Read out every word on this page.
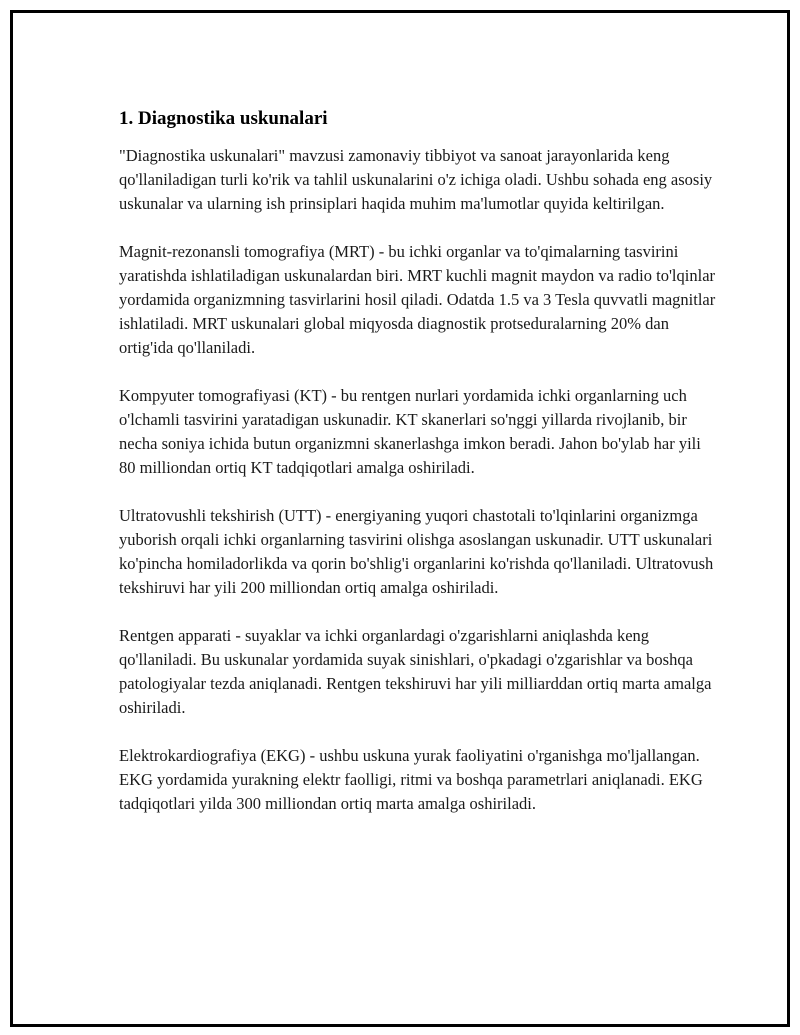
1. Diagnostika uskunalari

"Diagnostika uskunalari" mavzusi zamonaviy tibbiyot va sanoat jarayonlarida keng qo'llaniladigan turli ko'rik va tahlil uskunalarini o'z ichiga oladi. Ushbu sohada eng asosiy uskunalar va ularning ish prinsiplari haqida muhim ma'lumotlar quyida keltirilgan.

Magnit-rezonansli tomografiya (MRT) - bu ichki organlar va to'qimalarning tasvirini yaratishda ishlatiladigan uskunalardan biri. MRT kuchli magnit maydon va radio to'lqinlar yordamida organizmning tasvirlarini hosil qiladi. Odatda 1.5 va 3 Tesla quvvatli magnitlar ishlatiladi. MRT uskunalari global miqyosda diagnostik protseduralarning 20% dan ortig'ida qo'llaniladi.

Kompyuter tomografiyasi (KT) - bu rentgen nurlari yordamida ichki organlarning uch o'lchamli tasvirini yaratadigan uskunadir. KT skanerlari so'nggi yillarda rivojlanib, bir necha soniya ichida butun organizmni skanerlashga imkon beradi. Jahon bo'ylab har yili 80 milliondan ortiq KT tadqiqotlari amalga oshiriladi.

Ultratovushli tekshirish (UTT) - energiyaning yuqori chastotali to'lqinlarini organizmga yuborish orqali ichki organlarning tasvirini olishga asoslangan uskunadir. UTT uskunalari ko'pincha homiladorlikda va qorin bo'shlig'i organlarini ko'rishda qo'llaniladi. Ultratovush tekshiruvi har yili 200 milliondan ortiq amalga oshiriladi.

Rentgen apparati - suyaklar va ichki organlardagi o'zgarishlarni aniqlashda keng qo'llaniladi. Bu uskunalar yordamida suyak sinishlari, o'pkadagi o'zgarishlar va boshqa patologiyalar tezda aniqlanadi. Rentgen tekshiruvi har yili milliarddan ortiq marta amalga oshiriladi.

Elektrokardiografiya (EKG) - ushbu uskuna yurak faoliyatini o'rganishga mo'ljallangan. EKG yordamida yurakning elektr faolligi, ritmi va boshqa parametrlari aniqlanadi. EKG tadqiqotlari yilda 300 milliondan ortiq marta amalga oshiriladi.
